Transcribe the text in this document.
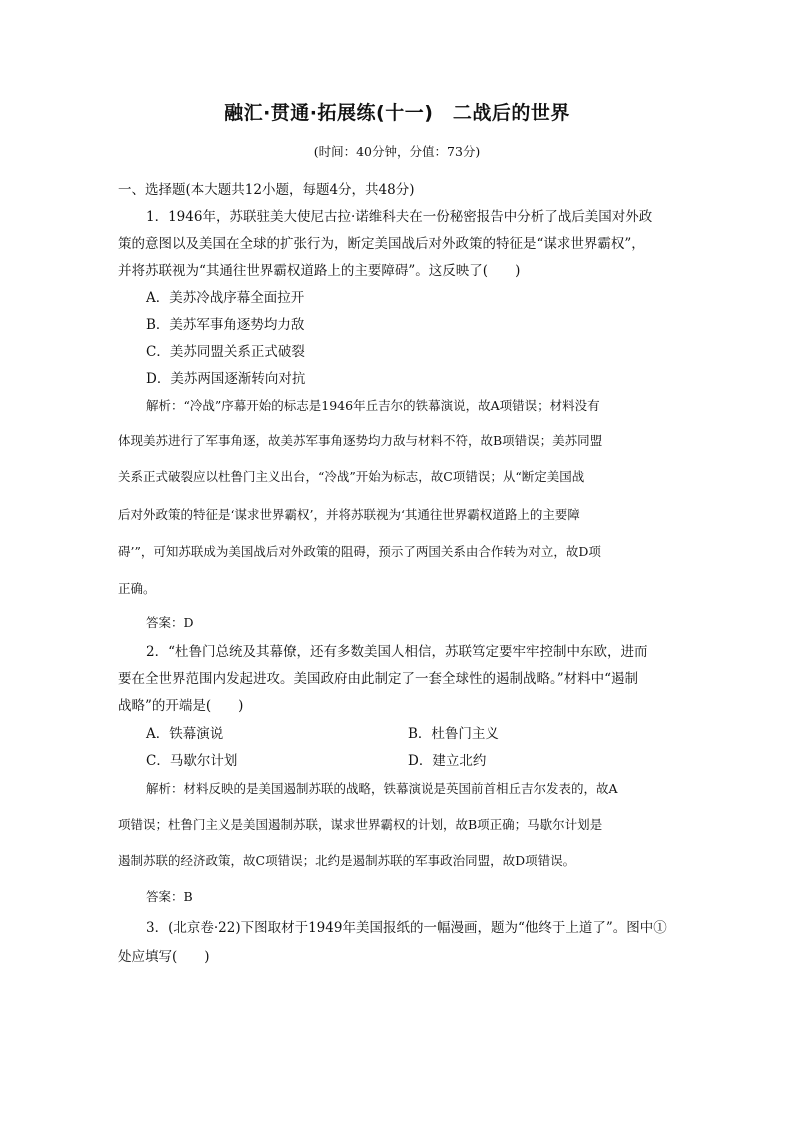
融汇·贯通·拓展练(十一)　二战后的世界
(时间：40分钟，分值：73分)
一、选择题(本大题共12小题，每题4分，共48分)
1．1946年，苏联驻美大使尼古拉·诺维科夫在一份秘密报告中分析了战后美国对外政
策的意图以及美国在全球的扩张行为，断定美国战后对外政策的特征是“谋求世界霸权”，
并将苏联视为“其通往世界霸权道路上的主要障碍”。这反映了(　　)
A．美苏冷战序幕全面拉开
B．美苏军事角逐势均力敌
C．美苏同盟关系正式破裂
D．美苏两国逐渐转向对抗
解析：“冷战”序幕开始的标志是1946年丘吉尔的铁幕演说，故A项错误；材料没有
体现美苏进行了军事角逐，故美苏军事角逐势均力敌与材料不符，故B项错误；美苏同盟
关系正式破裂应以杜鲁门主义出台，“冷战”开始为标志，故C项错误；从“断定美国战
后对外政策的特征是‘谋求世界霸权’，并将苏联视为‘其通往世界霸权道路上的主要障
碍’”，可知苏联成为美国战后对外政策的阻碍，预示了两国关系由合作转为对立，故D项
正确。
答案：D
2．“杜鲁门总统及其幕僚，还有多数美国人相信，苏联笃定要牢牢控制中东欧，进而
要在全世界范围内发起进攻。美国政府由此制定了一套全球性的遏制战略。”材料中“遏制
战略”的开端是(　　)
A．铁幕演说	B．杜鲁门主义
C．马歇尔计划	D．建立北约
解析：材料反映的是美国遏制苏联的战略，铁幕演说是英国前首相丘吉尔发表的，故A
项错误；杜鲁门主义是美国遏制苏联，谋求世界霸权的计划，故B项正确；马歇尔计划是
遏制苏联的经济政策，故C项错误；北约是遏制苏联的军事政治同盟，故D项错误。
答案：B
3．(北京卷·22)下图取材于1949年美国报纸的一幅漫画，题为“他终于上道了”。图中①
处应填写(　　)
